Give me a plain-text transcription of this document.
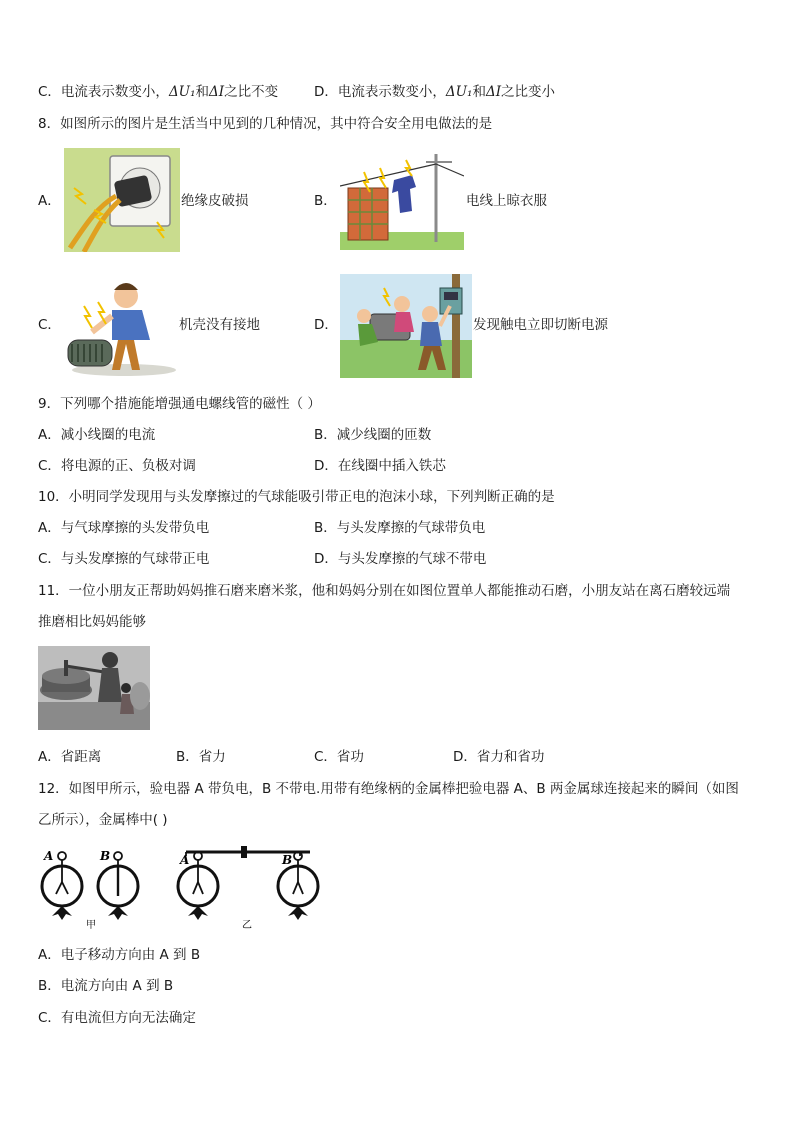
C．电流表示数变小，ΔU₁和ΔI之比不变	D．电流表示数变小，ΔU₁和ΔI之比变小
8．如图所示的图片是生活当中见到的几种情况，其中符合安全用电做法的是
A．	绝缘皮破损	B．	电线上晾衣服
C．	机壳没有接地	D．	发现触电立即切断电源
9．下列哪个措施能增强通电螺线管的磁性（ ）
A．减小线圈的电流	B．减少线圈的匝数
C．将电源的正、负极对调	D．在线圈中插入铁芯
10．小明同学发现用与头发摩擦过的气球能吸引带正电的泡沫小球，下列判断正确的是
A．与气球摩擦的头发带负电	B．与头发摩擦的气球带负电
C．与头发摩擦的气球带正电	D．与头发摩擦的气球不带电
11．一位小朋友正帮助妈妈推石磨来磨米浆，他和妈妈分别在如图位置单人都能推动石磨，小朋友站在离石磨较远端
推磨相比妈妈能够
A．省距离	B．省力	C．省功	D．省力和省功
12．如图甲所示，验电器 A 带负电，B 不带电.用带有绝缘柄的金属棒把验电器 A、B 两金属球连接起来的瞬间（如图
乙所示），金属棒中( )
A	B	A	B
甲	乙
A．电子移动方向由 A 到 B
B．电流方向由 A 到 B
C．有电流但方向无法确定
